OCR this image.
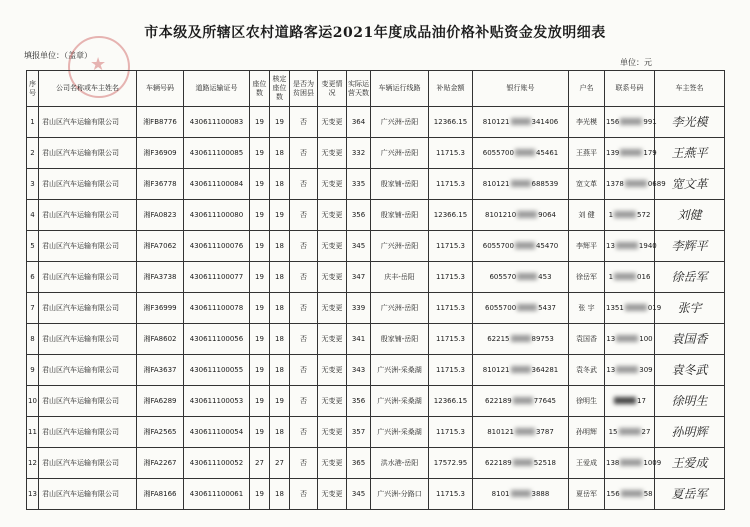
市本级及所辖区农村道路客运2021年度成品油价格补贴资金发放明细表
填报单位：（盖章）
★	单位：元
序号	公司名称或车主姓名	车辆号码	道路运输证号	座位数	核定座位数	是否为贫困县	变更情况	实际运营天数	车辆运行线路	补贴金额	银行账号	户名	联系号码	车主签名
1	君山区汽车运输有限公司	湘FB8776	430611100083	19	19	否	无变更	364	广兴洲-岳阳	12366.15	810121 341406	李光模	156 991	李光模
2	君山区汽车运输有限公司	湘F36909	430611100085	19	18	否	无变更	332	广兴洲-岳阳	11715.3	6055700 45461	王燕平	139 179	王燕平
3	君山区汽车运输有限公司	湘F36778	430611100084	19	18	否	无变更	335	殷家铺-岳阳	11715.3	810121 688539	宽文革	1378 0689	宽文革
4	君山区汽车运输有限公司	湘FA0823	430611100080	19	19	否	无变更	356	殷家铺-岳阳	12366.15	8101210 9064	刘 健	1 572	刘健
5	君山区汽车运输有限公司	湘FA7062	430611100076	19	18	否	无变更	345	广兴洲-岳阳	11715.3	6055700 45470	李辉平	13 1940	李辉平
6	君山区汽车运输有限公司	湘FA3738	430611100077	19	18	否	无变更	347	庆丰-岳阳	11715.3	605570 453	徐岳军	1 016	徐岳军
7	君山区汽车运输有限公司	湘F36999	430611100078	19	18	否	无变更	339	广兴洲-岳阳	11715.3	6055700 5437	张 宇	1351 019	张宇
8	君山区汽车运输有限公司	湘FA8602	430611100056	19	18	否	无变更	341	殷家铺-岳阳	11715.3	62215 89753	袁国香	13 100	袁国香
9	君山区汽车运输有限公司	湘FA3637	430611100055	19	18	否	无变更	343	广兴洲-采桑湖	11715.3	810121 364281	袁冬武	13 309	袁冬武
10	君山区汽车运输有限公司	湘FA6289	430611100053	19	19	否	无变更	356	广兴洲-采桑湖	12366.15	622189 77645	徐明生	17	徐明生
11	君山区汽车运输有限公司	湘FA2565	430611100054	19	18	否	无变更	357	广兴洲-采桑湖	11715.3	810121 3787	孙明辉	15 27	孙明辉
12	君山区汽车运输有限公司	湘FA2267	430611100052	27	27	否	无变更	365	洪水港-岳阳	17572.95	622189 52518	王爱成	138 1009	王爱成
13	君山区汽车运输有限公司	湘FA8166	430611100061	19	18	否	无变更	345	广兴洲-分路口	11715.3	8101 3888	夏岳军	156 58	夏岳军
